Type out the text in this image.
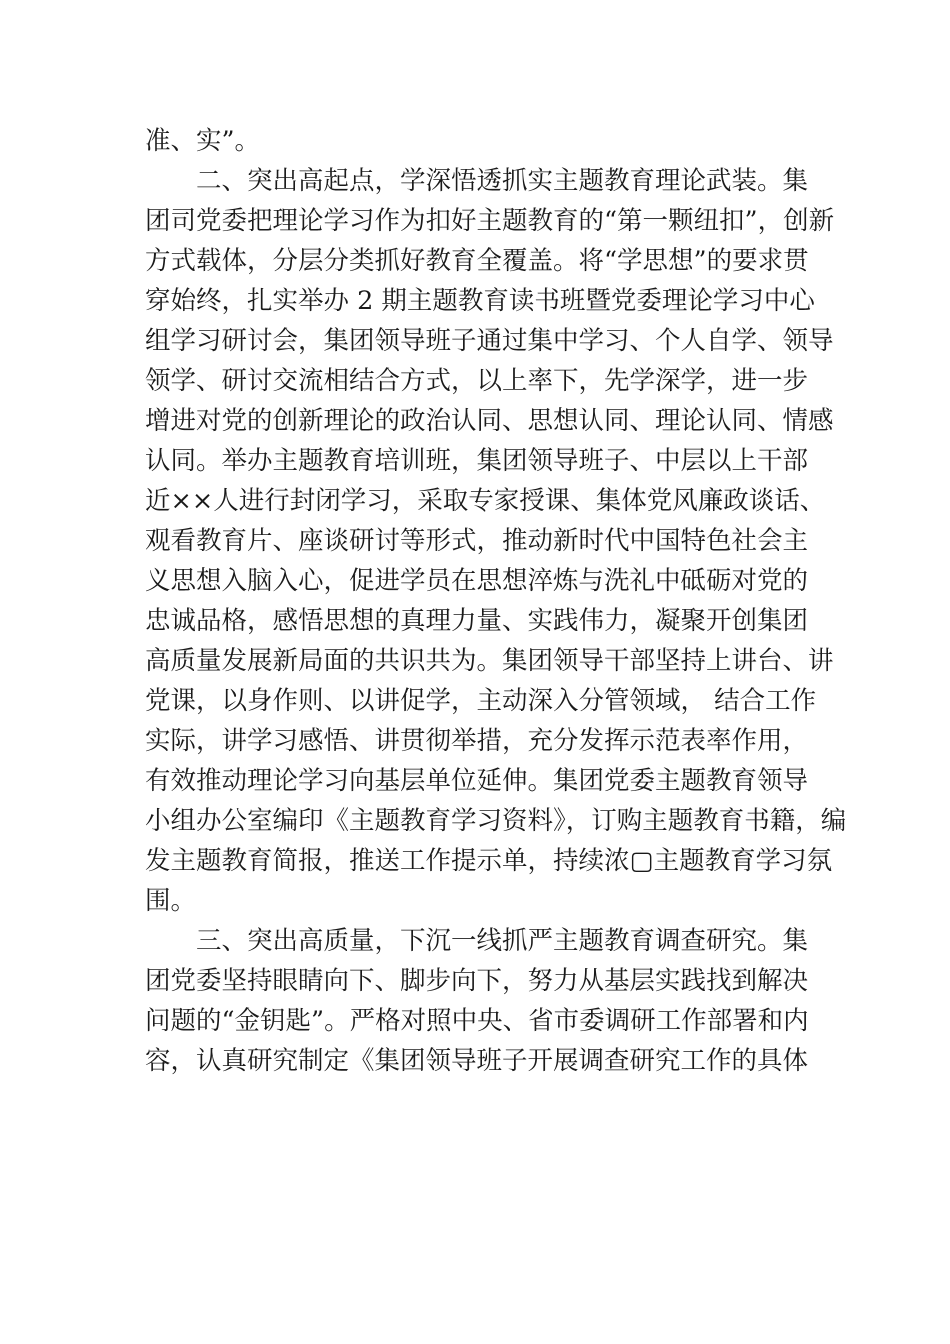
准、实”。
二、突出高起点，学深悟透抓实主题教育理论武装。集
团司党委把理论学习作为扣好主题教育的“第一颗纽扣”，创新
方式载体，分层分类抓好教育全覆盖。将“学思想”的要求贯
穿始终，扎实举办 2 期主题教育读书班暨党委理论学习中心
组学习研讨会，集团领导班子通过集中学习、个人自学、领导
领学、研讨交流相结合方式，以上率下，先学深学，进一步
增进对党的创新理论的政治认同、思想认同、理论认同、情感
认同。举办主题教育培训班，集团领导班子、中层以上干部
近××人进行封闭学习，采取专家授课、集体党风廉政谈话、
观看教育片、座谈研讨等形式，推动新时代中国特色社会主
义思想入脑入心，促进学员在思想淬炼与洗礼中砥砺对党的
忠诚品格，感悟思想的真理力量、实践伟力，凝聚开创集团
高质量发展新局面的共识共为。集团领导干部坚持上讲台、讲
党课，以身作则、以讲促学，主动深入分管领域， 结合工作
实际，讲学习感悟、讲贯彻举措，充分发挥示范表率作用，
有效推动理论学习向基层单位延伸。集团党委主题教育领导
小组办公室编印《主题教育学习资料》，订购主题教育书籍，编
发主题教育简报，推送工作提示单，持续浓▢主题教育学习氛
围。
三、突出高质量，下沉一线抓严主题教育调查研究。集
团党委坚持眼睛向下、脚步向下，努力从基层实践找到解决
问题的“金钥匙”。严格对照中央、省市委调研工作部署和内
容，认真研究制定《集团领导班子开展调查研究工作的具体
